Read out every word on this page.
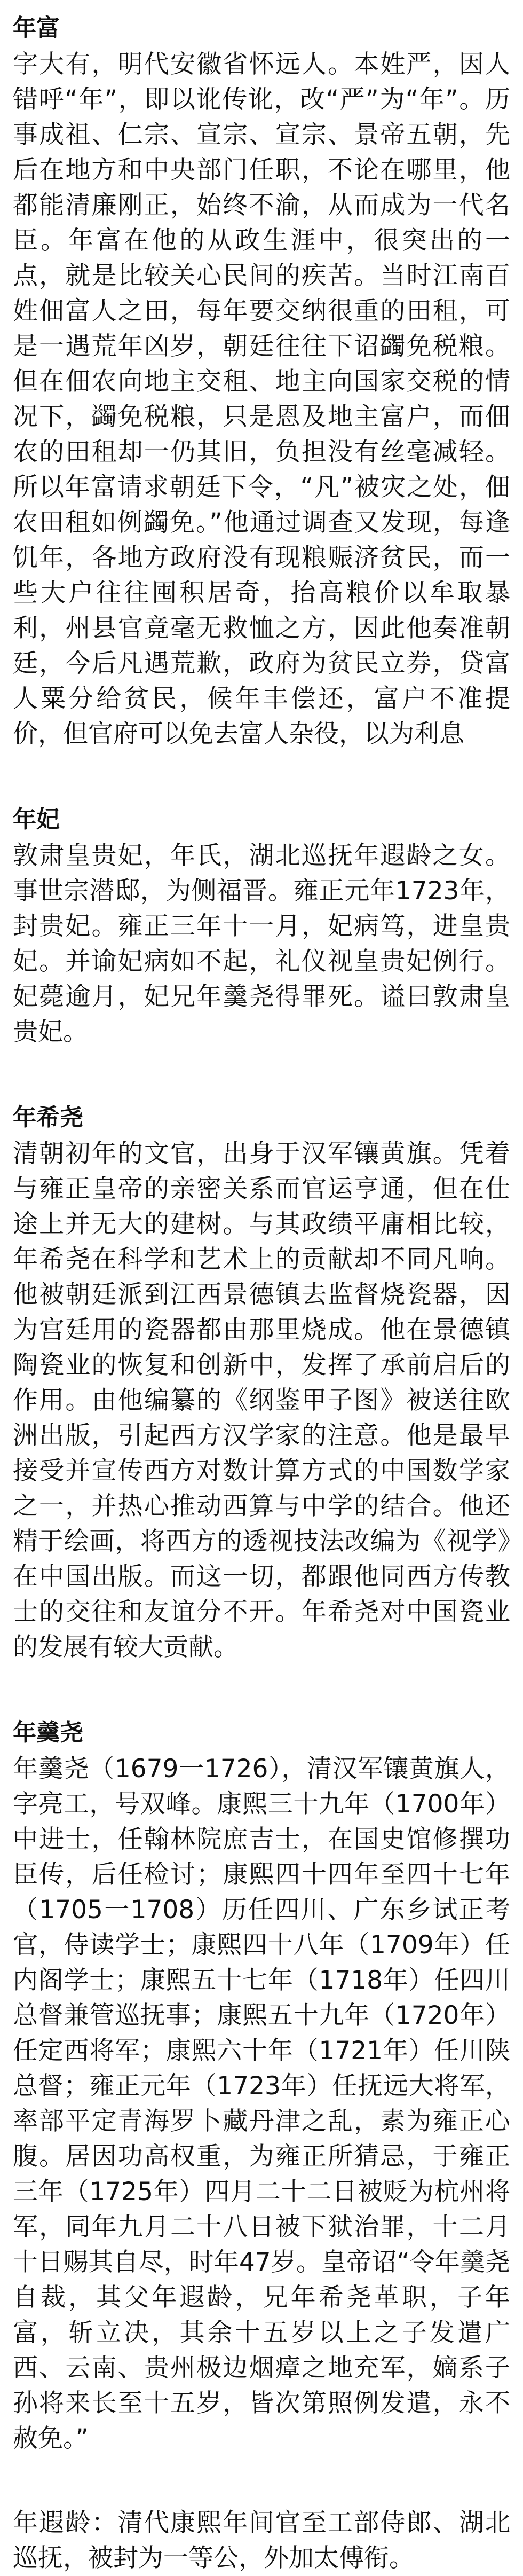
年富

字大有，明代安徽省怀远人。本姓严，因人错呼“年”，即以讹传讹，改“严”为“年”。历事成祖、仁宗、宣宗、宣宗、景帝五朝，先后在地方和中央部门任职，不论在哪里，他都能清廉刚正，始终不渝，从而成为一代名臣。年富在他的从政生涯中，很突出的一点，就是比较关心民间的疾苦。当时江南百姓佃富人之田，每年要交纳很重的田租，可是一遇荒年凶岁，朝廷往往下诏蠲免税粮。但在佃农向地主交租、地主向国家交税的情况下，蠲免税粮，只是恩及地主富户，而佃农的田租却一仍其旧，负担没有丝毫减轻。所以年富请求朝廷下令，“凡”被灾之处，佃农田租如例蠲免。”他通过调查又发现，每逢饥年，各地方政府没有现粮赈济贫民，而一些大户往往囤积居奇，抬高粮价以牟取暴利，州县官竟毫无救恤之方，因此他奏准朝廷，今后凡遇荒歉，政府为贫民立券，贷富人粟分给贫民，候年丰偿还，富户不准提价，但官府可以免去富人杂役，以为利息

年妃

敦肃皇贵妃，年氏，湖北巡抚年遐龄之女。事世宗潜邸，为侧福晋。雍正元年1723年，封贵妃。雍正三年十一月，妃病笃，进皇贵妃。并谕妃病如不起，礼仪视皇贵妃例行。妃薨逾月，妃兄年羹尧得罪死。谥曰敦肃皇贵妃。

年希尧

清朝初年的文官，出身于汉军镶黄旗。凭着与雍正皇帝的亲密关系而官运亨通，但在仕途上并无大的建树。与其政绩平庸相比较，年希尧在科学和艺术上的贡献却不同凡响。他被朝廷派到江西景德镇去监督烧瓷器，因为宫廷用的瓷器都由那里烧成。他在景德镇陶瓷业的恢复和创新中，发挥了承前启后的作用。由他编纂的《纲鉴甲子图》被送往欧洲出版，引起西方汉学家的注意。他是最早接受并宣传西方对数计算方式的中国数学家之一，并热心推动西算与中学的结合。他还精于绘画，将西方的透视技法改编为《视学》在中国出版。而这一切，都跟他同西方传教士的交往和友谊分不开。年希尧对中国瓷业的发展有较大贡献。

年羹尧

年羹尧（1679一1726），清汉军镶黄旗人，字亮工，号双峰。康熙三十九年（1700年）中进士，任翰林院庶吉士，在国史馆修撰功臣传，后任检讨；康熙四十四年至四十七年（1705一1708）历任四川、广东乡试正考官，侍读学士；康熙四十八年（1709年）任内阁学士；康熙五十七年（1718年）任四川总督兼管巡抚事；康熙五十九年（1720年）任定西将军；康熙六十年（1721年）任川陕总督；雍正元年（1723年）任抚远大将军，率部平定青海罗卜藏丹津之乱，素为雍正心腹。居因功高权重，为雍正所猜忌，于雍正三年（1725年）四月二十二日被贬为杭州将军，同年九月二十八日被下狱治罪，十二月十日赐其自尽，时年47岁。皇帝诏“令年羹尧自裁，其父年遐龄，兄年希尧革职，子年富，斩立决，其余十五岁以上之子发遣广西、云南、贵州极边烟瘴之地充军，嫡系子孙将来长至十五岁，皆次第照例发遣，永不赦免。”

年遐龄：清代康熙年间官至工部侍郎、湖北巡抚，被封为一等公，外加太傅衔。
